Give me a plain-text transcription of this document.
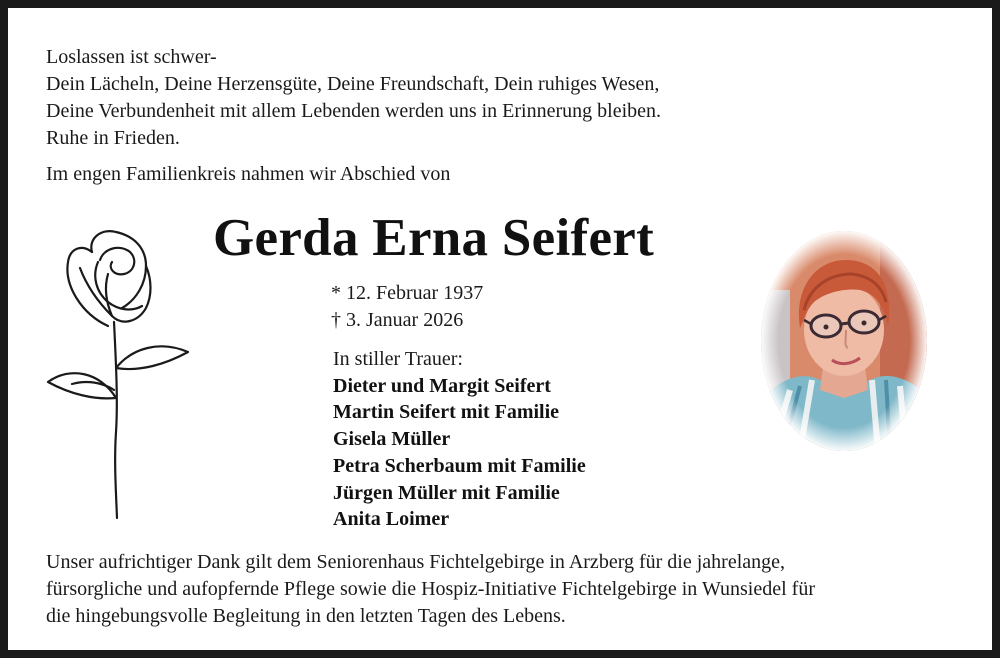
Loslassen ist schwer-
Dein Lächeln, Deine Herzensgüte, Deine Freundschaft, Dein ruhiges Wesen,
Deine Verbundenheit mit allem Lebenden werden uns in Erinnerung bleiben.
Ruhe in Frieden.
Im engen Familienkreis nahmen wir Abschied von
Gerda Erna Seifert
* 12. Februar 1937
† 3. Januar 2026
In stiller Trauer:
Dieter und Margit Seifert
Martin Seifert mit Familie
Gisela Müller
Petra Scherbaum mit Familie
Jürgen Müller mit Familie
Anita Loimer
Unser aufrichtiger Dank gilt dem Seniorenhaus Fichtelgebirge in Arzberg für die jahrelange,
fürsorgliche und aufopfernde Pflege sowie die Hospiz-Initiative Fichtelgebirge in Wunsiedel für
die hingebungsvolle Begleitung in den letzten Tagen des Lebens.
